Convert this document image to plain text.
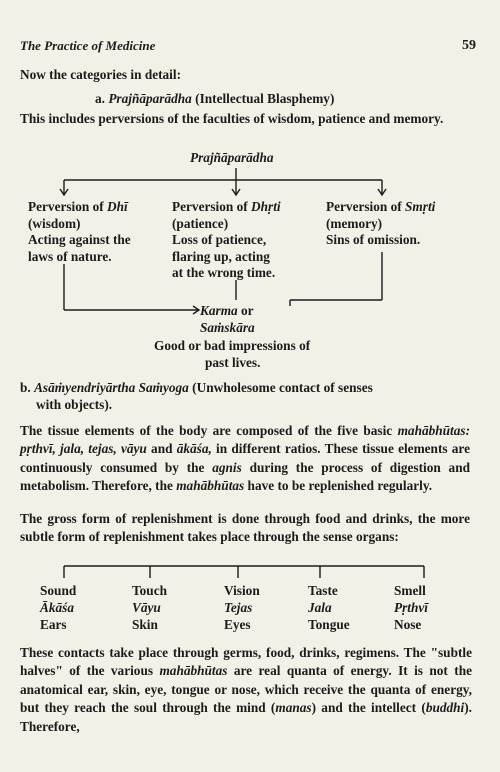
The Practice of Medicine	59
Now the categories in detail:
a. Prajñāparādha (Intellectual Blasphemy)
This includes perversions of the faculties of wisdom, patience and memory.
Prajñāparādha
Perversion of Dhī
(wisdom)
Acting against the
laws of nature.
Perversion of Dhṛti
(patience)
Loss of patience,
flaring up, acting
at the wrong time.
Perversion of Smṛti
(memory)
Sins of omission.
Karma or
Saṁskāra
Good or bad impressions of
past lives.
b. Asāṁyendriyārtha Saṁyoga (Unwholesome contact of senses
with objects).
The tissue elements of the body are composed of the five basic mahābhūtas: pṛthvī, jala, tejas, vāyu and ākāśa, in different ratios. These tissue elements are continuously consumed by the agnis during the process of digestion and metabolism. Therefore, the mahābhūtas have to be replenished regularly.
The gross form of replenishment is done through food and drinks, the more subtle form of replenishment takes place through the sense organs:
Sound
Ākāśa
Ears
Touch
Vāyu
Skin
Vision
Tejas
Eyes
Taste
Jala
Tongue
Smell
Pṛthvī
Nose
These contacts take place through germs, food, drinks, regimens. The "subtle halves" of the various mahābhūtas are real quanta of energy. It is not the anatomical ear, skin, eye, tongue or nose, which receive the quanta of energy, but they reach the soul through the mind (manas) and the intellect (buddhi). Therefore,
